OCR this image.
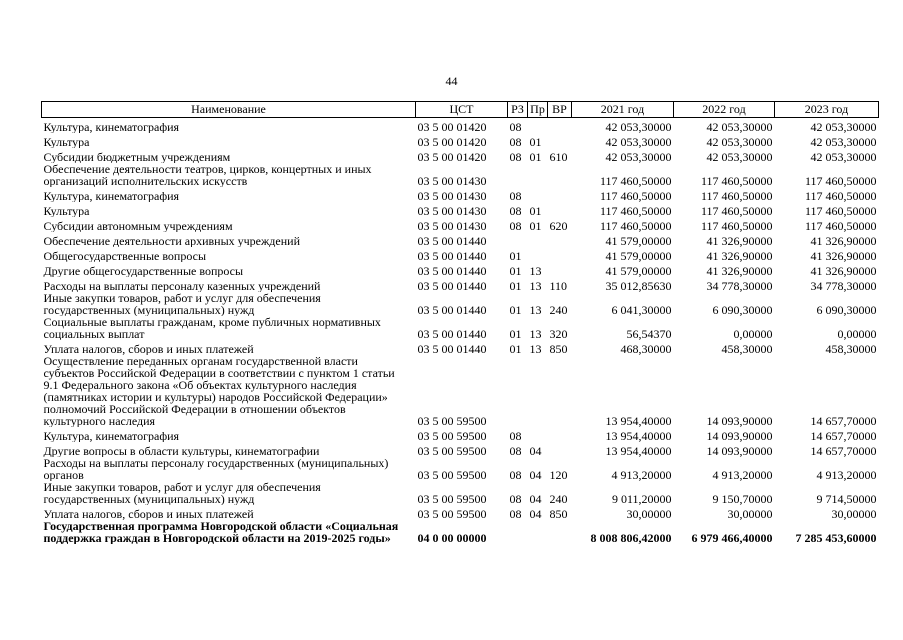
44
Наименование	ЦСТ	РЗ	Пр	ВР	2021 год	2022 год	2023 год
Культура, кинематография	03 5 00 01420	08			42 053,30000	42 053,30000	42 053,30000
Культура	03 5 00 01420	08	01		42 053,30000	42 053,30000	42 053,30000
Субсидии бюджетным учреждениям	03 5 00 01420	08	01	610	42 053,30000	42 053,30000	42 053,30000
Обеспечение деятельности театров, цирков, концертных и иных организаций исполнительских искусств	03 5 00 01430				117 460,50000	117 460,50000	117 460,50000
Культура, кинематография	03 5 00 01430	08			117 460,50000	117 460,50000	117 460,50000
Культура	03 5 00 01430	08	01		117 460,50000	117 460,50000	117 460,50000
Субсидии автономным учреждениям	03 5 00 01430	08	01	620	117 460,50000	117 460,50000	117 460,50000
Обеспечение деятельности архивных учреждений	03 5 00 01440				41 579,00000	41 326,90000	41 326,90000
Общегосударственные вопросы	03 5 00 01440	01			41 579,00000	41 326,90000	41 326,90000
Другие общегосударственные вопросы	03 5 00 01440	01	13		41 579,00000	41 326,90000	41 326,90000
Расходы на выплаты персоналу казенных учреждений	03 5 00 01440	01	13	110	35 012,85630	34 778,30000	34 778,30000
Иные закупки товаров, работ и услуг для обеспечения государственных (муниципальных) нужд	03 5 00 01440	01	13	240	6 041,30000	6 090,30000	6 090,30000
Социальные выплаты гражданам, кроме публичных нормативных социальных выплат	03 5 00 01440	01	13	320	56,54370	0,00000	0,00000
Уплата налогов, сборов и иных платежей	03 5 00 01440	01	13	850	468,30000	458,30000	458,30000
Осуществление переданных органам государственной власти субъектов Российской Федерации в соответствии с пунктом 1 статьи 9.1 Федерального закона «Об объектах культурного наследия (памятниках истории и культуры) народов Российской Федерации» полномочий Российской Федерации в отношении объектов культурного наследия	03 5 00 59500				13 954,40000	14 093,90000	14 657,70000
Культура, кинематография	03 5 00 59500	08			13 954,40000	14 093,90000	14 657,70000
Другие вопросы в области культуры, кинематографии	03 5 00 59500	08	04		13 954,40000	14 093,90000	14 657,70000
Расходы на выплаты персоналу государственных (муниципальных) органов	03 5 00 59500	08	04	120	4 913,20000	4 913,20000	4 913,20000
Иные закупки товаров, работ и услуг для обеспечения государственных (муниципальных) нужд	03 5 00 59500	08	04	240	9 011,20000	9 150,70000	9 714,50000
Уплата налогов, сборов и иных платежей	03 5 00 59500	08	04	850	30,00000	30,00000	30,00000
Государственная программа Новгородской области «Социальная поддержка граждан в Новгородской области на 2019-2025 годы»	04 0 00 00000				8 008 806,42000	6 979 466,40000	7 285 453,60000
